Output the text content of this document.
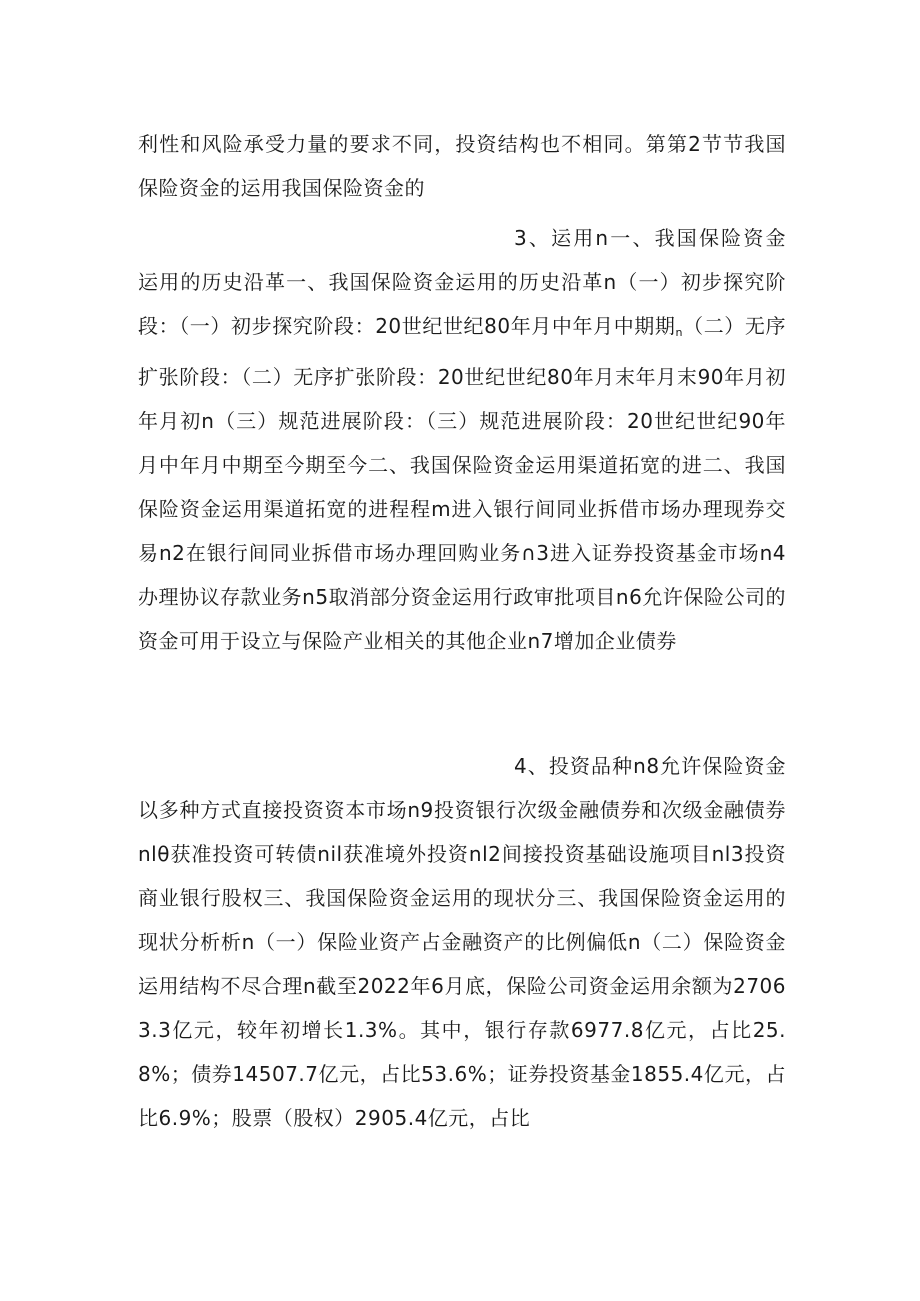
利性和风险承受力量的要求不同，投资结构也不相同。第第2节节我国保险资金的运用我国保险资金的

3、运用n一、我国保险资金运用的历史沿革一、我国保险资金运用的历史沿革n（一）初步探究阶段：（一）初步探究阶段：20世纪世纪80年月中年月中期期$_n$（二）无序扩张阶段：（二）无序扩张阶段：20世纪世纪80年月末年月末90年月初年月初n（三）规范进展阶段：（三）规范进展阶段：20世纪世纪90年月中年月中期至今期至今二、我国保险资金运用渠道拓宽的进二、我国保险资金运用渠道拓宽的进程程m进入银行间同业拆借市场办理现券交易n2在银行间同业拆借市场办理回购业务∩3进入证券投资基金市场n4办理协议存款业务n5取消部分资金运用行政审批项目n6允许保险公司的资金可用于设立与保险产业相关的其他企业n7增加企业债券

4、投资品种n8允许保险资金以多种方式直接投资资本市场n9投资银行次级金融债券和次级金融债券nlθ获准投资可转债nil获准境外投资nl2间接投资基础设施项目nl3投资商业银行股权三、我国保险资金运用的现状分三、我国保险资金运用的现状分析析n（一）保险业资产占金融资产的比例偏低n（二）保险资金运用结构不尽合理n截至2022年6月底，保险公司资金运用余额为27063.3亿元，较年初增长1.3%。其中，银行存款6977.8亿元，占比25.8%；债券14507.7亿元，占比53.6%；证券投资基金1855.4亿元，占比6.9%；股票（股权）2905.4亿元，占比
